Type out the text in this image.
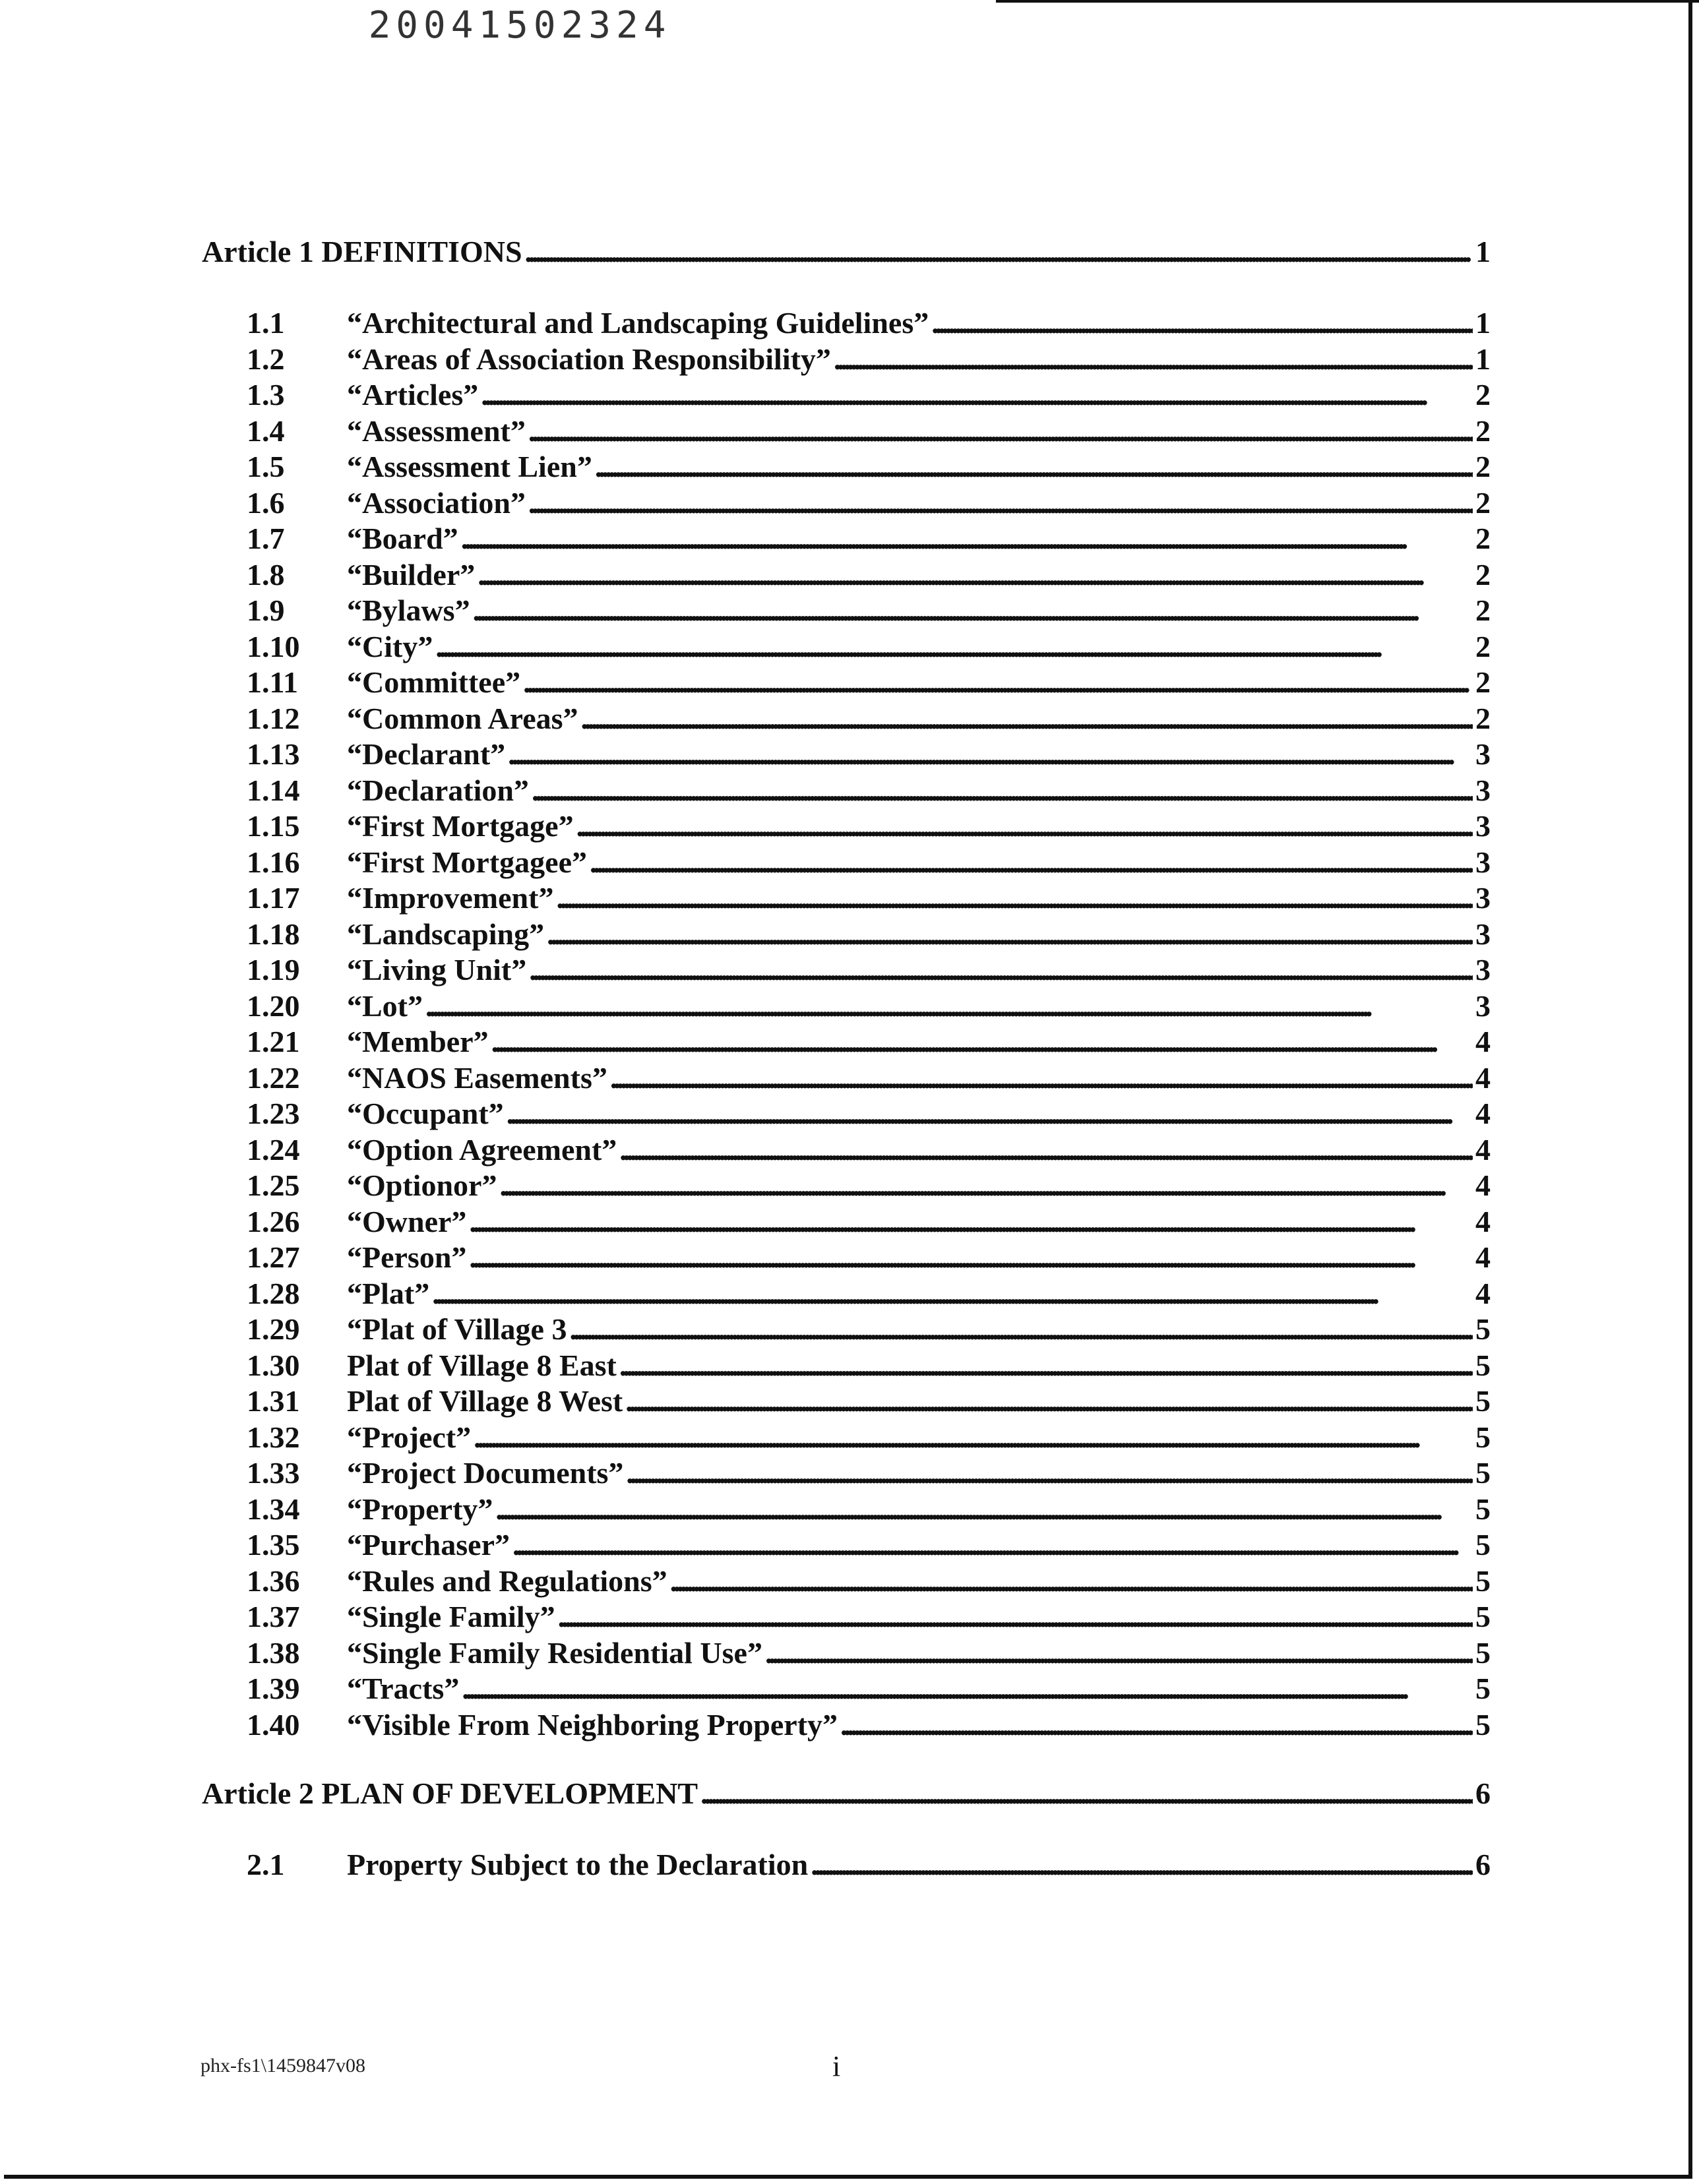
20041502324
Article 1 DEFINITIONS . . .	1
1.1	“Architectural and Landscaping Guidelines” . . .	1
1.2	“Areas of Association Responsibility” . . .	1
1.3	“Articles” . . .	2
1.4	“Assessment” . . .	2
1.5	“Assessment Lien” . . .	2
1.6	“Association” . . .	2
1.7	“Board” . . .	2
1.8	“Builder” . . .	2
1.9	“Bylaws” . . .	2
1.10	“City” . . .	2
1.11	“Committee” . . .	2
1.12	“Common Areas” . . .	2
1.13	“Declarant” . . .	3
1.14	“Declaration” . . .	3
1.15	“First Mortgage” . . .	3
1.16	“First Mortgagee” . . .	3
1.17	“Improvement” . . .	3
1.18	“Landscaping” . . .	3
1.19	“Living Unit” . . .	3
1.20	“Lot” . . .	3
1.21	“Member” . . .	4
1.22	“NAOS Easements” . . .	4
1.23	“Occupant” . . .	4
1.24	“Option Agreement” . . .	4
1.25	“Optionor” . . .	4
1.26	“Owner” . . .	4
1.27	“Person” . . .	4
1.28	“Plat” . . .	4
1.29	“Plat of Village 3 . . .	5
1.30	Plat of Village 8 East . . .	5
1.31	Plat of Village 8 West . . .	5
1.32	“Project” . . .	5
1.33	“Project Documents” . . .	5
1.34	“Property” . . .	5
1.35	“Purchaser” . . .	5
1.36	“Rules and Regulations” . . .	5
1.37	“Single Family” . . .	5
1.38	“Single Family Residential Use” . . .	5
1.39	“Tracts” . . .	5
1.40	“Visible From Neighboring Property” . . .	5
Article 2 PLAN OF DEVELOPMENT . . .	6
2.1	Property Subject to the Declaration . . .	6
phx-fs1\1459847v08	i
